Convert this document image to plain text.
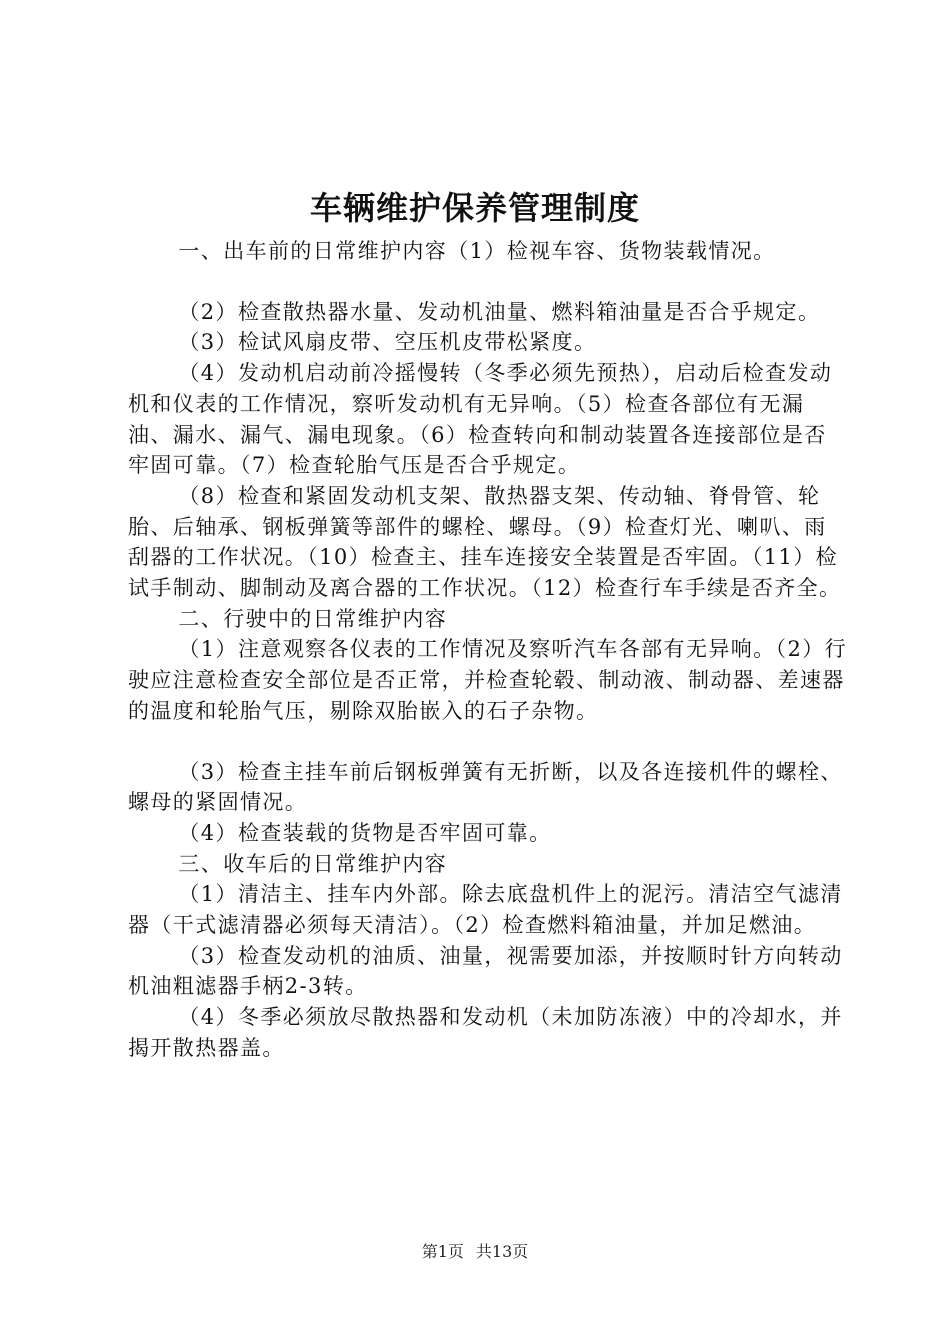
车辆维护保养管理制度

一、出车前的日常维护内容（1）检视车容、货物装载情况。

（2）检查散热器水量、发动机油量、燃料箱油量是否合乎规定。

（3）检试风扇皮带、空压机皮带松紧度。

（4）发动机启动前冷摇慢转（冬季必须先预热），启动后检查发动机和仪表的工作情况，察听发动机有无异响。（5）检查各部位有无漏油、漏水、漏气、漏电现象。（6）检查转向和制动装置各连接部位是否牢固可靠。（7）检查轮胎气压是否合乎规定。

（8）检查和紧固发动机支架、散热器支架、传动轴、脊骨管、轮胎、后轴承、钢板弹簧等部件的螺栓、螺母。（9）检查灯光、喇叭、雨刮器的工作状况。（10）检查主、挂车连接安全装置是否牢固。（11）检试手制动、脚制动及离合器的工作状况。（12）检查行车手续是否齐全。

二、行驶中的日常维护内容

（1）注意观察各仪表的工作情况及察听汽车各部有无异响。（2）行驶应注意检查安全部位是否正常，并检查轮毂、制动液、制动器、差速器的温度和轮胎气压，剔除双胎嵌入的石子杂物。

（3）检查主挂车前后钢板弹簧有无折断，以及各连接机件的螺栓、螺母的紧固情况。

（4）检查装载的货物是否牢固可靠。

三、收车后的日常维护内容

（1）清洁主、挂车内外部。除去底盘机件上的泥污。清洁空气滤清器（干式滤清器必须每天清洁）。（2）检查燃料箱油量，并加足燃油。

（3）检查发动机的油质、油量，视需要加添，并按顺时针方向转动机油粗滤器手柄2-3转。

（4）冬季必须放尽散热器和发动机（未加防冻液）中的冷却水，并揭开散热器盖。

第1页 共13页
